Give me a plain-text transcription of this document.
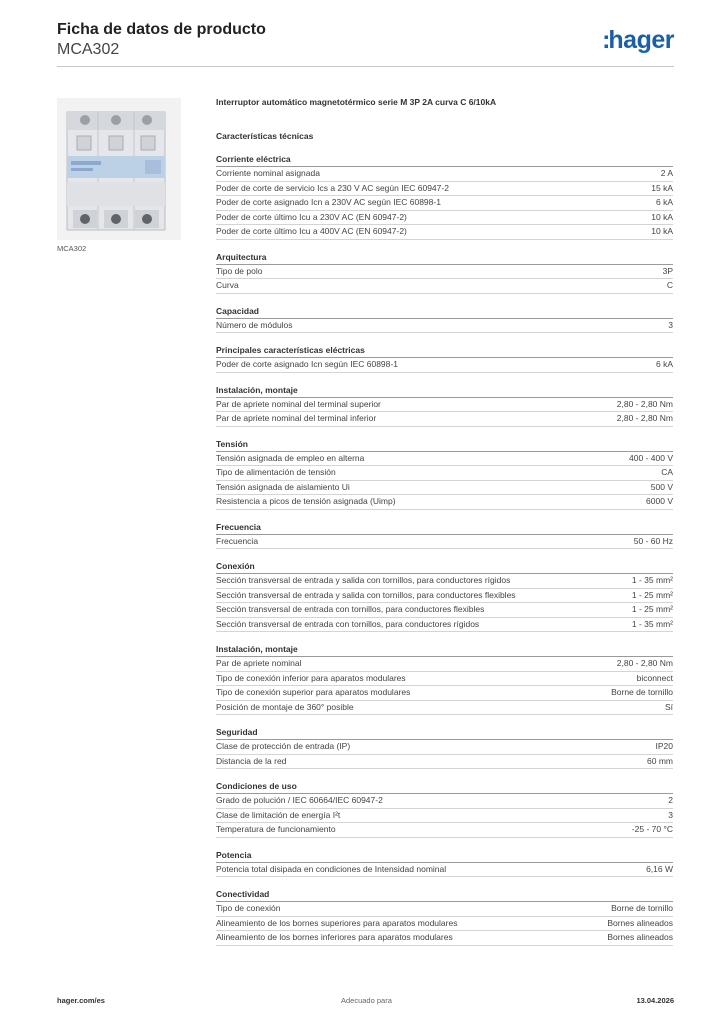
Ficha de datos de producto
MCA302	:hager
MCA302
Interruptor automático magnetotérmico serie M 3P 2A curva C 6/10kA
Características técnicas
Corriente eléctrica
Corriente nominal asignada	2 A
Poder de corte de servicio Ics a 230 V AC según IEC 60947-2	15 kA
Poder de corte asignado Icn a 230V AC según IEC 60898-1	6 kA
Poder de corte último Icu a 230V AC (EN 60947-2)	10 kA
Poder de corte último Icu a 400V AC (EN 60947-2)	10 kA
Arquitectura
Tipo de polo	3P
Curva	C
Capacidad
Número de módulos	3
Principales características eléctricas
Poder de corte asignado Icn según IEC 60898-1	6 kA
Instalación, montaje
Par de apriete nominal del terminal superior	2,80 - 2,80 Nm
Par de apriete nominal del terminal inferior	2,80 - 2,80 Nm
Tensión
Tensión asignada de empleo en alterna	400 - 400 V
Tipo de alimentación de tensión	CA
Tensión asignada de aislamiento Ui	500 V
Resistencia a picos de tensión asignada (Uimp)	6000 V
Frecuencia
Frecuencia	50 - 60 Hz
Conexión
Sección transversal de entrada y salida con tornillos, para conductores rígidos	1 - 35 mm²
Sección transversal de entrada y salida con tornillos, para conductores flexibles	1 - 25 mm²
Sección transversal de entrada con tornillos, para conductores flexibles	1 - 25 mm²
Sección transversal de entrada con tornillos, para conductores rígidos	1 - 35 mm²
Instalación, montaje
Par de apriete nominal	2,80 - 2,80 Nm
Tipo de conexión inferior para aparatos modulares	biconnect
Tipo de conexión superior para aparatos modulares	Borne de tornillo
Posición de montaje de 360° posible	Sí
Seguridad
Clase de protección de entrada (IP)	IP20
Distancia de la red	60 mm
Condiciones de uso
Grado de polución / IEC 60664/IEC 60947-2	2
Clase de limitación de energía I²t	3
Temperatura de funcionamiento	-25 - 70 °C
Potencia
Potencia total disipada en condiciones de Intensidad nominal	6,16 W
Conectividad
Tipo de conexión	Borne de tornillo
Alineamiento de los bornes superiores para aparatos modulares	Bornes alineados
Alineamiento de los bornes inferiores para aparatos modulares	Bornes alineados
hager.com/es	Adecuado para	13.04.2026
